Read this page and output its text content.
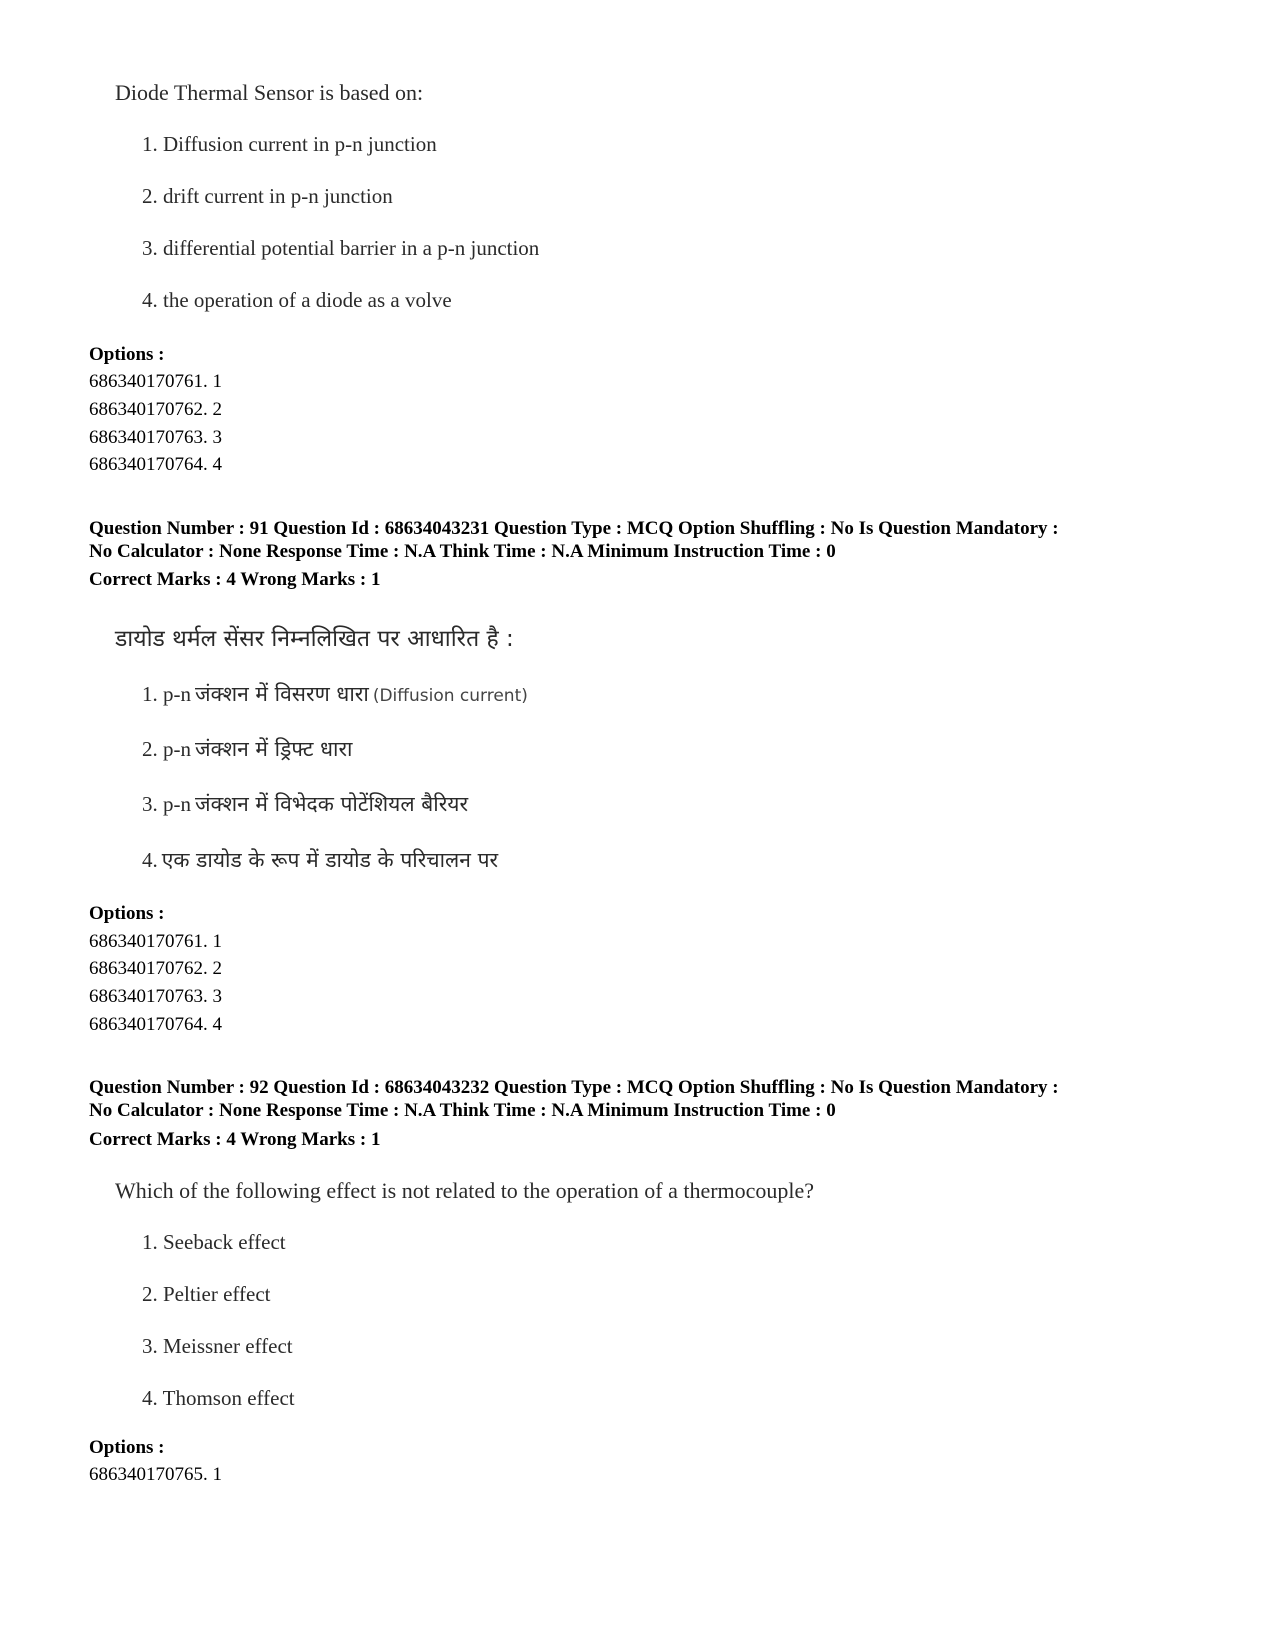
Diode Thermal Sensor is based on:
1. Diffusion current in p-n junction
2. drift current in p-n junction
3. differential potential barrier in a p-n junction
4. the operation of a diode as a volve
Options :
686340170761. 1
686340170762. 2
686340170763. 3
686340170764. 4
Question Number : 91 Question Id : 68634043231 Question Type : MCQ Option Shuffling : No Is Question Mandatory :
No Calculator : None Response Time : N.A Think Time : N.A Minimum Instruction Time : 0
Correct Marks : 4 Wrong Marks : 1
डायोड थर्मल सेंसर निम्नलिखित पर आधारित है :
1. p-n जंक्शन में विसरण धारा (Diffusion current)
2. p-n जंक्शन में ड्रिफ्ट धारा
3. p-n जंक्शन में विभेदक पोटेंशियल बैरियर
4. एक डायोड के रूप में डायोड के परिचालन पर
Options :
686340170761. 1
686340170762. 2
686340170763. 3
686340170764. 4
Question Number : 92 Question Id : 68634043232 Question Type : MCQ Option Shuffling : No Is Question Mandatory :
No Calculator : None Response Time : N.A Think Time : N.A Minimum Instruction Time : 0
Correct Marks : 4 Wrong Marks : 1
Which of the following effect is not related to the operation of a thermocouple?
1. Seeback effect
2. Peltier effect
3. Meissner effect
4. Thomson effect
Options :
686340170765. 1
